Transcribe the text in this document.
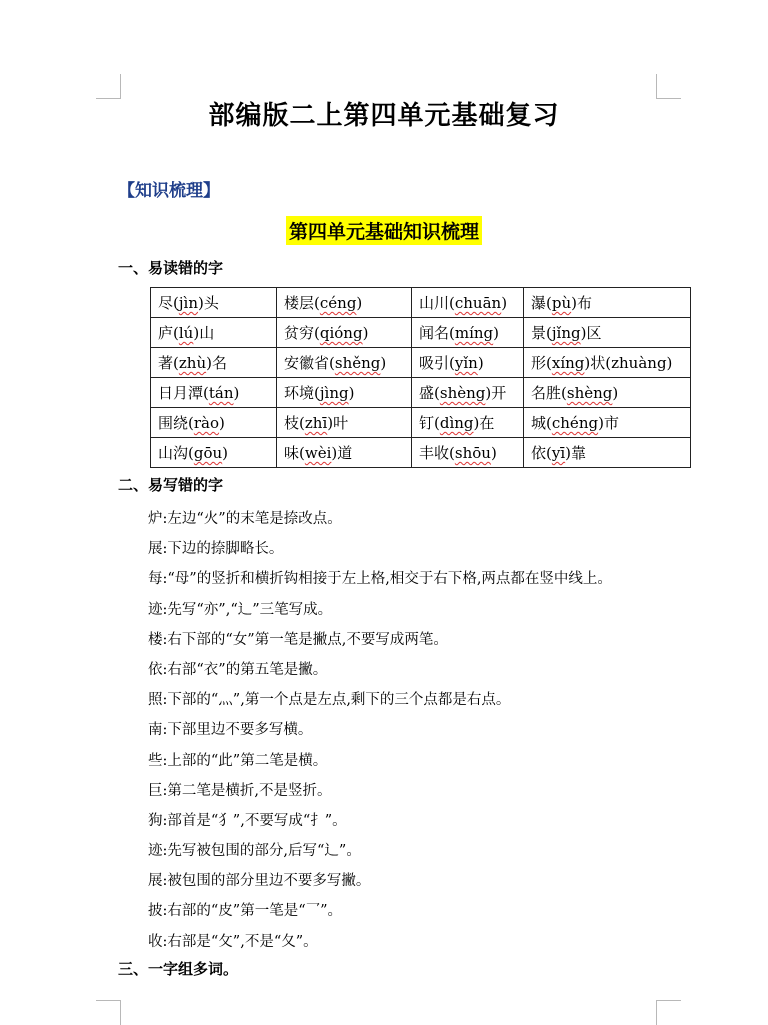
部编版二上第四单元基础复习
【知识梳理】
第四单元基础知识梳理
一、易读错的字
尽(jìn)头	楼层(céng)	山川(chuān)	瀑(pù)布
庐(lú)山	贫穷(qióng)	闻名(míng)	景(jǐng)区
著(zhù)名	安徽省(shěng)	吸引(yǐn)	形(xíng)状(zhuàng)
日月潭(tán)	环境(jìng)	盛(shèng)开	名胜(shèng)
围绕(rào)	枝(zhī)叶	钉(dìng)在	城(chéng)市
山沟(gōu)	味(wèi)道	丰收(shōu)	依(yī)靠
二、易写错的字
炉:左边“火”的末笔是捺改点。
展:下边的捺脚略长。
每:“母”的竖折和横折钩相接于左上格,相交于右下格,两点都在竖中线上。
迹:先写“亦”,“辶”三笔写成。
楼:右下部的“女”第一笔是撇点,不要写成两笔。
依:右部“衣”的第五笔是撇。
照:下部的“灬”,第一个点是左点,剩下的三个点都是右点。
南:下部里边不要多写横。
些:上部的“此”第二笔是横。
巨:第二笔是横折,不是竖折。
狗:部首是“犭”,不要写成“扌”。
迹:先写被包围的部分,后写“辶”。
展:被包围的部分里边不要多写撇。
披:右部的“皮”第一笔是“乛”。
收:右部是“攵”,不是“夂”。
三、一字组多词。
